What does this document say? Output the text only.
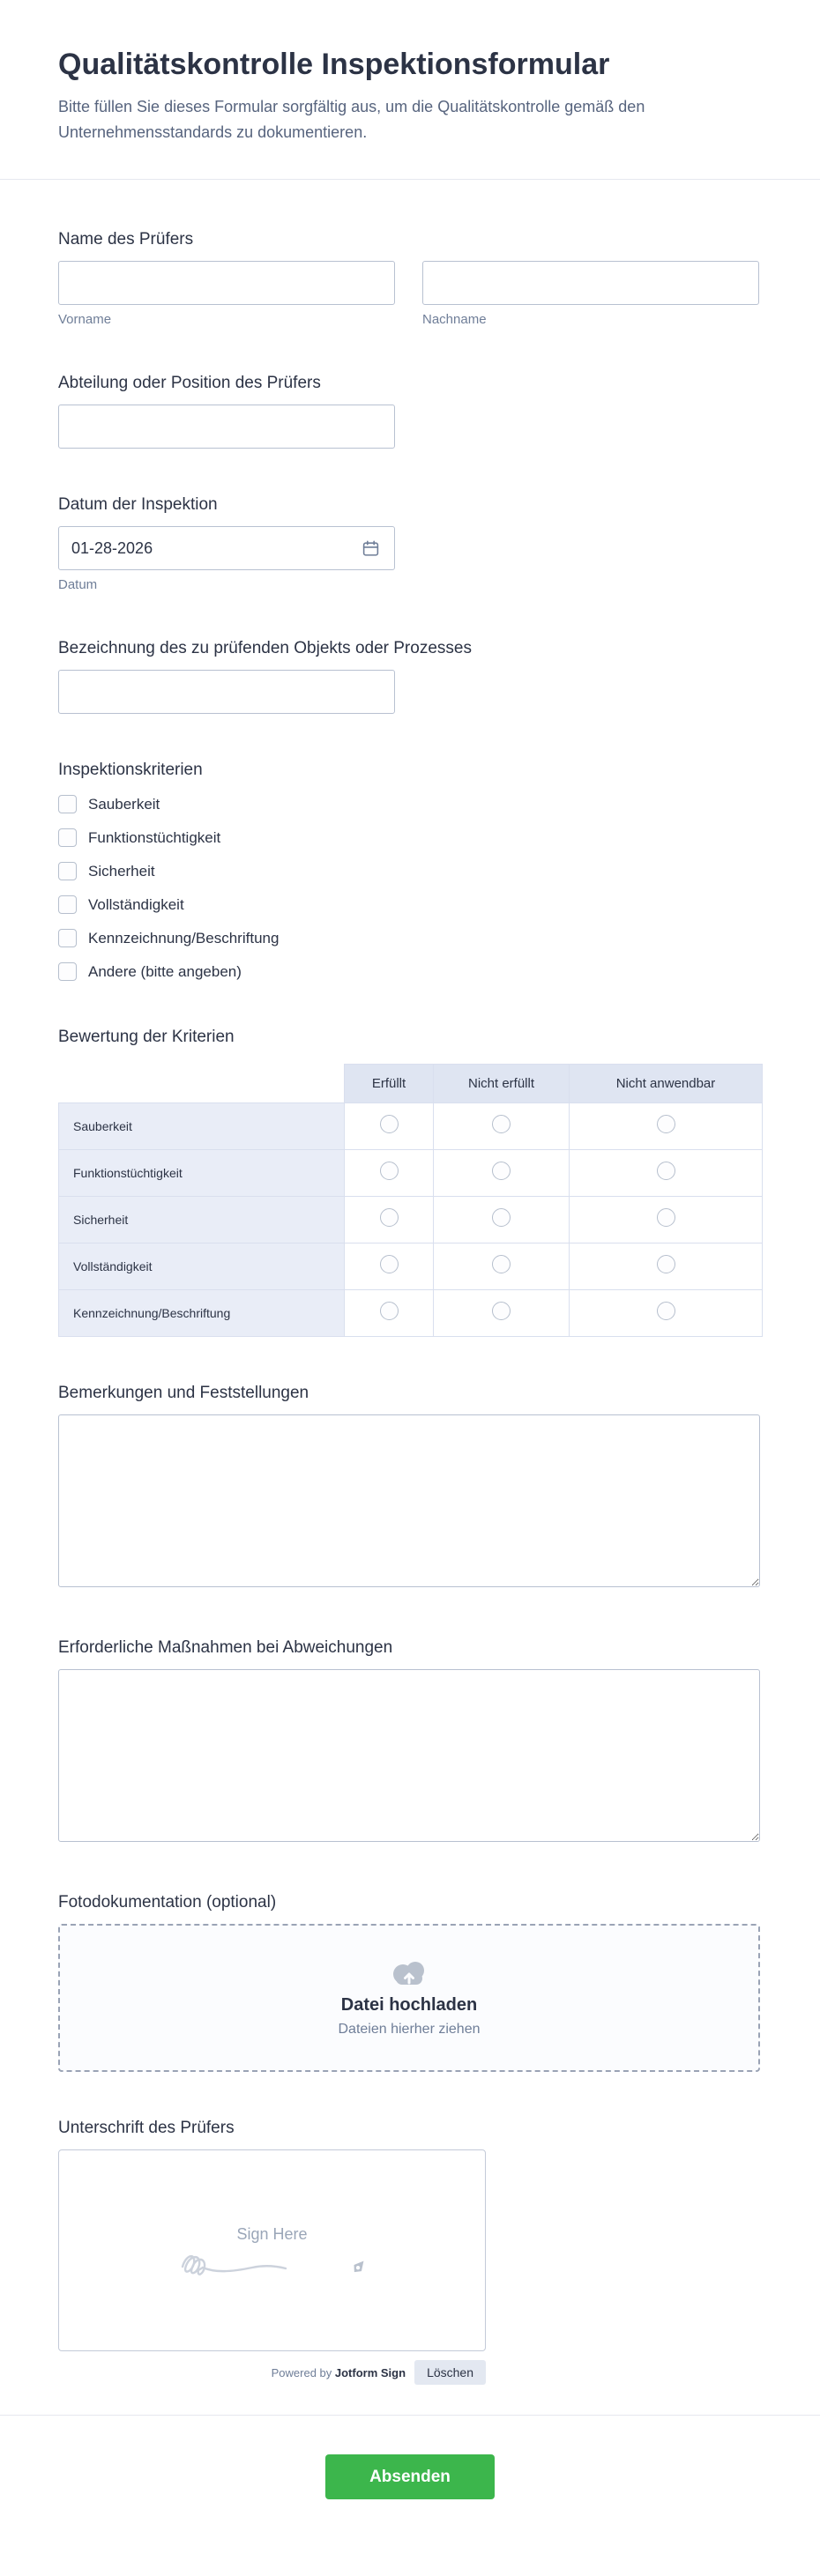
Qualitätskontrolle Inspektionsformular

Bitte füllen Sie dieses Formular sorgfältig aus, um die Qualitätskontrolle gemäß den Unternehmensstandards zu dokumentieren.

Name des Prüfers
Vorname	Nachname
Abteilung oder Position des Prüfers
Datum der Inspektion
01-28-2026
Datum
Bezeichnung des zu prüfenden Objekts oder Prozesses
Inspektionskriterien
Sauberkeit
Funktionstüchtigkeit
Sicherheit
Vollständigkeit
Kennzeichnung/Beschriftung
Andere (bitte angeben)
Bewertung der Kriterien
	Erfüllt	Nicht erfüllt	Nicht anwendbar
Sauberkeit			
Funktionstüchtigkeit			
Sicherheit			
Vollständigkeit			
Kennzeichnung/Beschriftung			
Bemerkungen und Feststellungen
Erforderliche Maßnahmen bei Abweichungen
Fotodokumentation (optional)
Datei hochladen
Dateien hierher ziehen
Unterschrift des Prüfers
Sign Here
Powered by Jotform Sign	Löschen
Absenden
